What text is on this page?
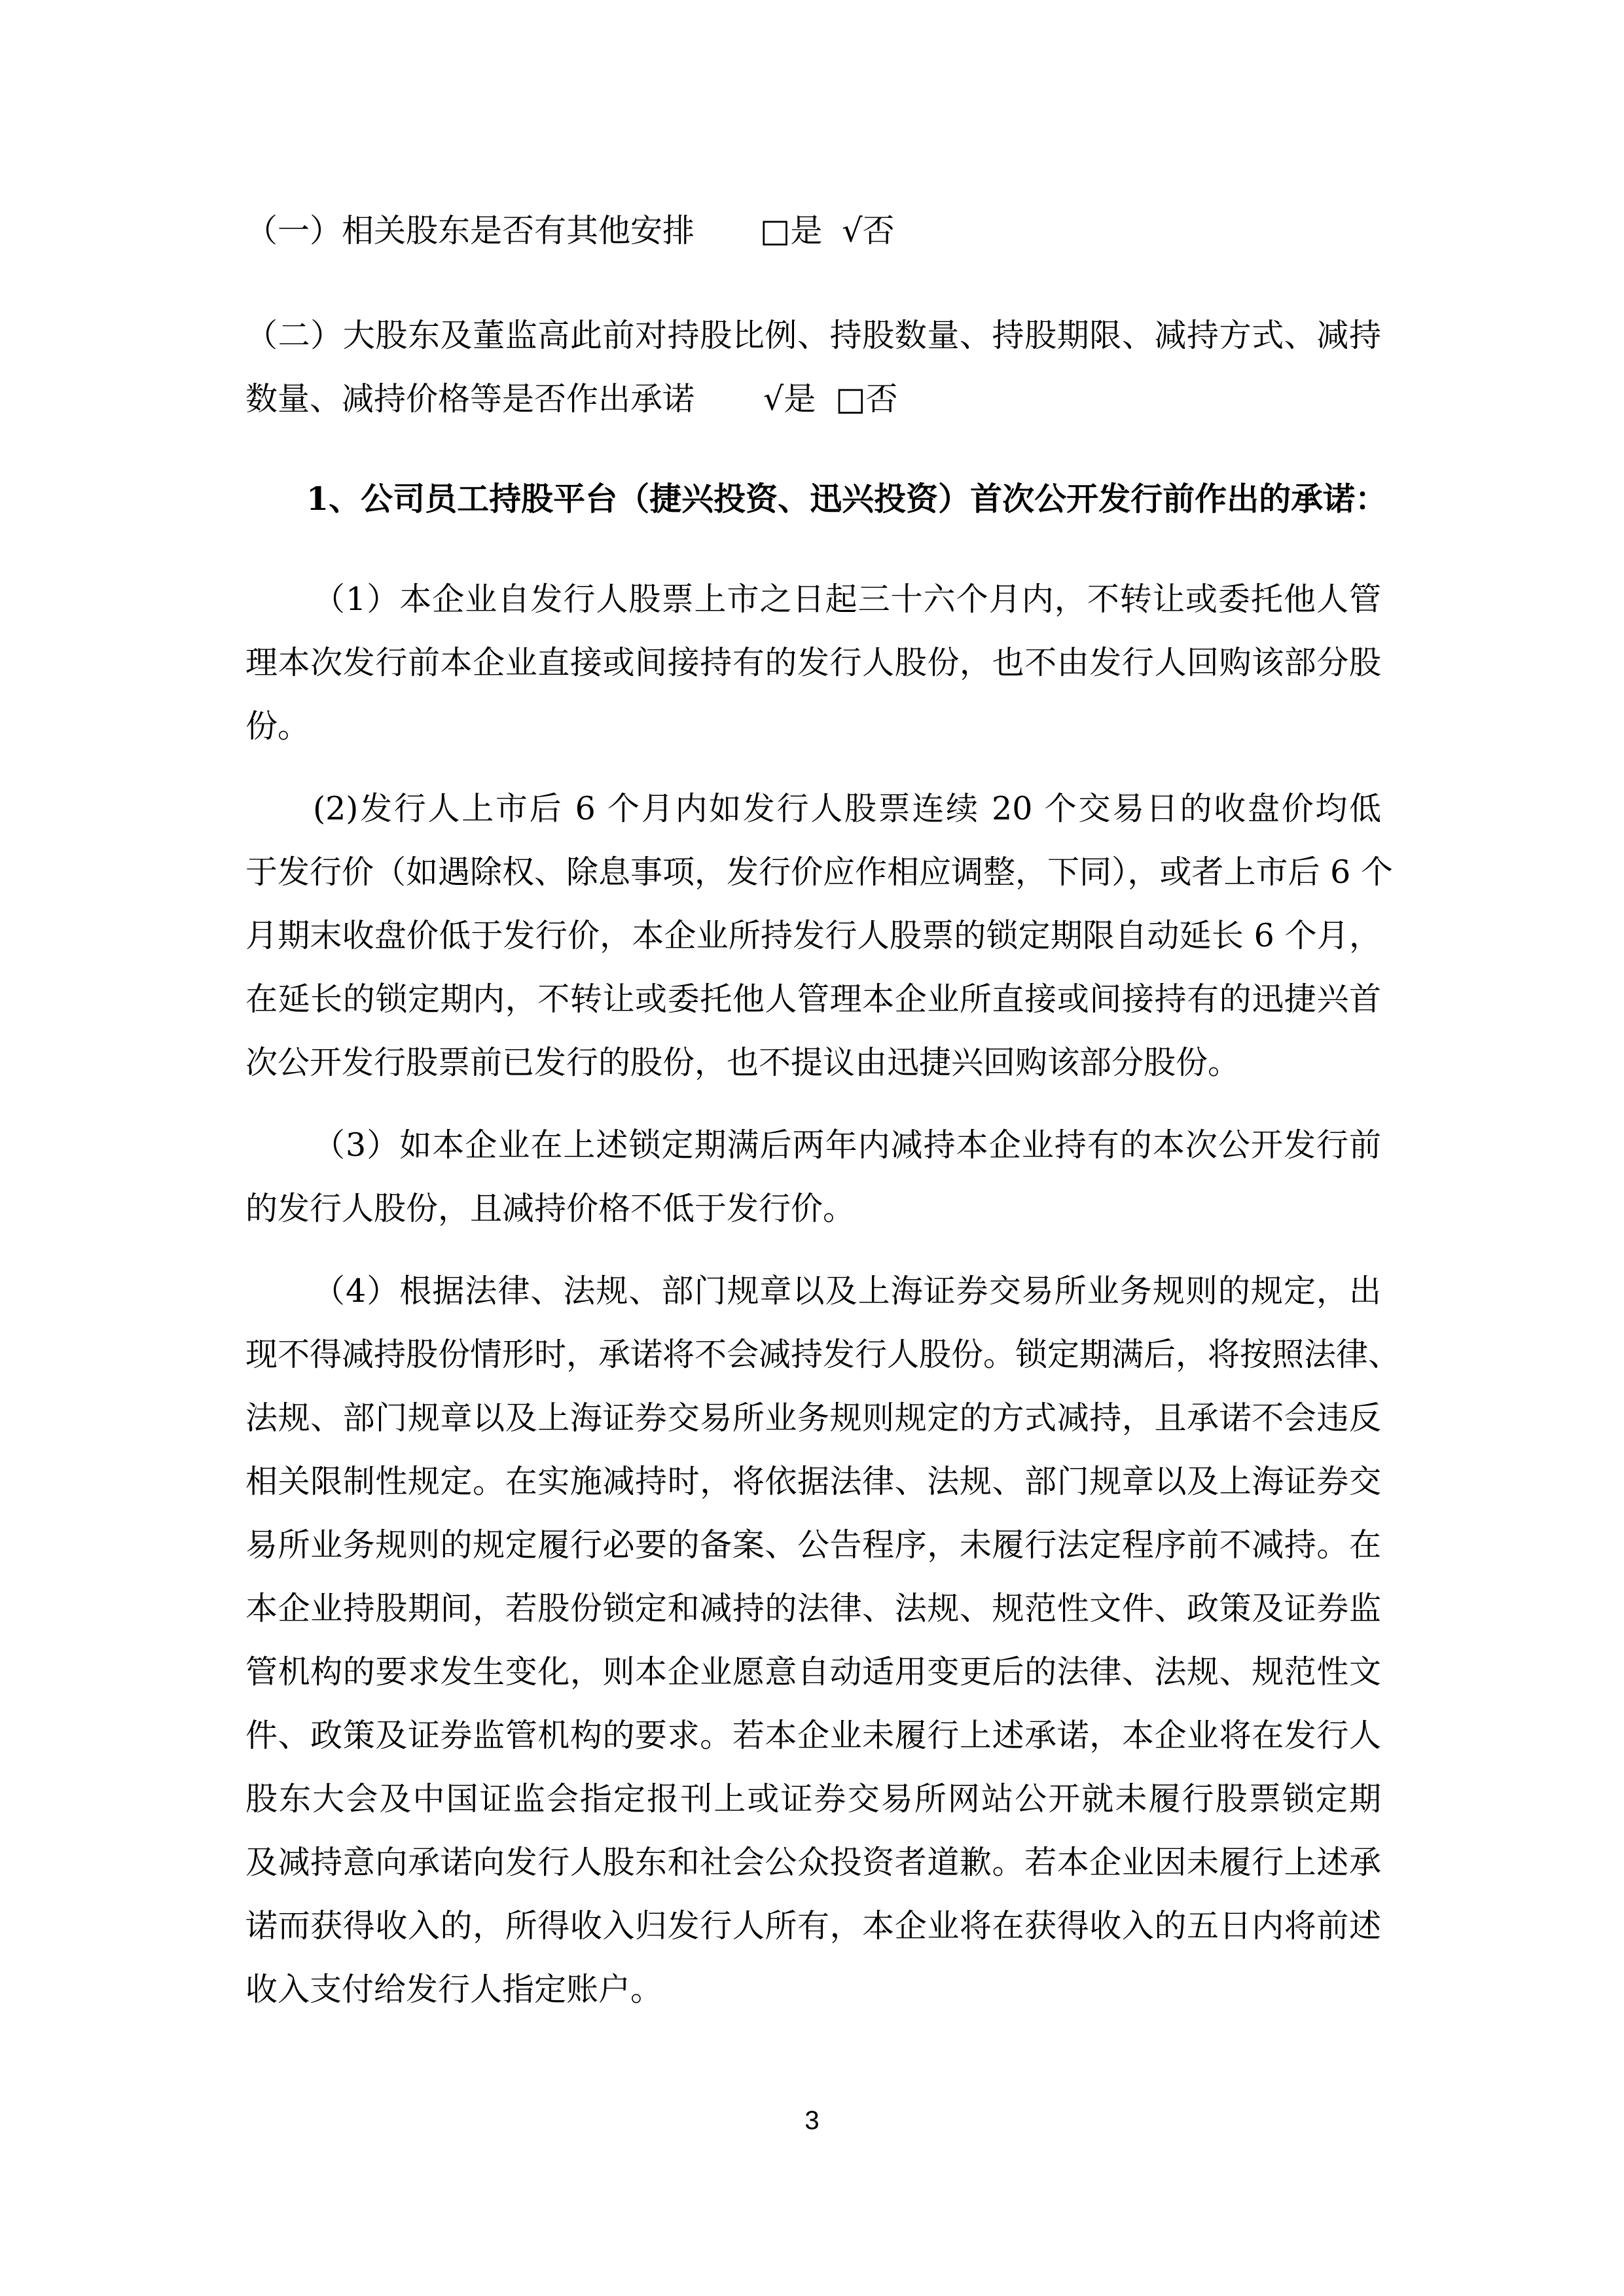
（一）相关股东是否有其他安排 □是 √否
（二）大股东及董监高此前对持股比例、持股数量、持股期限、减持方式、减持
数量、减持价格等是否作出承诺 √是 □否
1、公司员工持股平台（捷兴投资、迅兴投资）首次公开发行前作出的承诺：
（1）本企业自发行人股票上市之日起三十六个月内，不转让或委托他人管
理本次发行前本企业直接或间接持有的发行人股份，也不由发行人回购该部分股
份。
(2)发行人上市后 6 个月内如发行人股票连续 20 个交易日的收盘价均低
于发行价（如遇除权、除息事项，发行价应作相应调整，下同），或者上市后 6 个
月期末收盘价低于发行价，本企业所持发行人股票的锁定期限自动延长 6 个月，
在延长的锁定期内，不转让或委托他人管理本企业所直接或间接持有的迅捷兴首
次公开发行股票前已发行的股份，也不提议由迅捷兴回购该部分股份。
（3）如本企业在上述锁定期满后两年内减持本企业持有的本次公开发行前
的发行人股份，且减持价格不低于发行价。
（4）根据法律、法规、部门规章以及上海证券交易所业务规则的规定，出
现不得减持股份情形时，承诺将不会减持发行人股份。锁定期满后，将按照法律、
法规、部门规章以及上海证券交易所业务规则规定的方式减持，且承诺不会违反
相关限制性规定。在实施减持时，将依据法律、法规、部门规章以及上海证券交
易所业务规则的规定履行必要的备案、公告程序，未履行法定程序前不减持。在
本企业持股期间，若股份锁定和减持的法律、法规、规范性文件、政策及证券监
管机构的要求发生变化，则本企业愿意自动适用变更后的法律、法规、规范性文
件、政策及证券监管机构的要求。若本企业未履行上述承诺，本企业将在发行人
股东大会及中国证监会指定报刊上或证券交易所网站公开就未履行股票锁定期
及减持意向承诺向发行人股东和社会公众投资者道歉。若本企业因未履行上述承
诺而获得收入的，所得收入归发行人所有，本企业将在获得收入的五日内将前述
收入支付给发行人指定账户。
3
